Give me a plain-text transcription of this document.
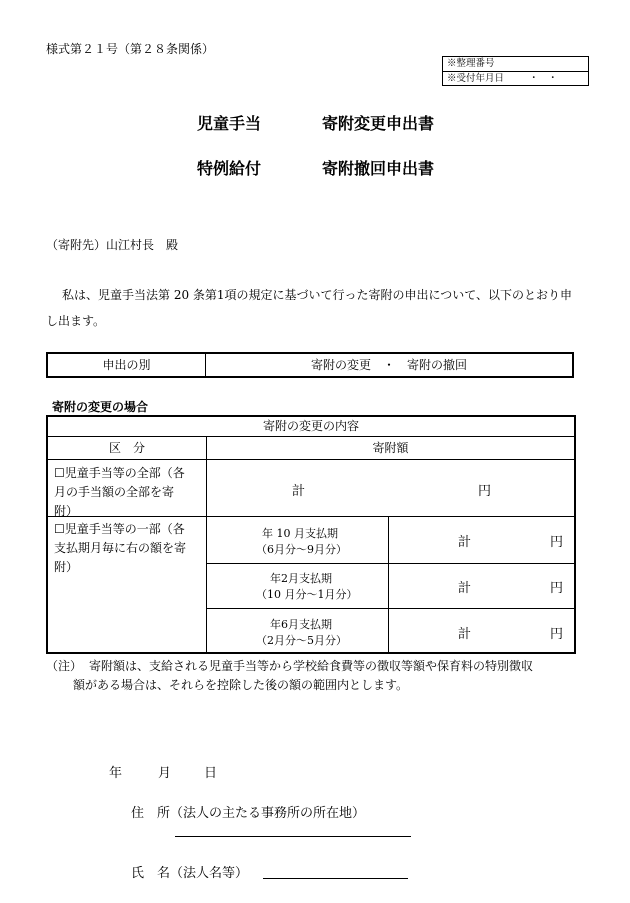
様式第２１号（第２８条関係）
※整理番号
※受付年月日	・　・
児童手当	寄附変更申出書
特例給付	寄附撤回申出書
（寄附先）山江村長　殿
私は、児童手当法第 20 条第1項の規定に基づいて行った寄附の申出について、以下のとおり申
し出ます。
申出の別	寄附の変更　・　寄附の撤回
寄附の変更の場合
寄附の変更の内容
区　分	寄附額
☐児童手当等の全部（各
月の手当額の全部を寄
附）
計	円
☐児童手当等の一部（各
支払期月毎に右の額を寄
附）
年 10 月支払期
（6月分～9月分）	計	円
年2月支払期
（10 月分～1月分）	計	円
年6月支払期
（2月分～5月分）	計	円
（注） 寄附額は、支給される児童手当等から学校給食費等の徴収等額や保育料の特別徴収
額がある場合は、それらを控除した後の額の範囲内とします。
年	月	日
住　所（法人の主たる事務所の所在地）
氏　名（法人名等）
